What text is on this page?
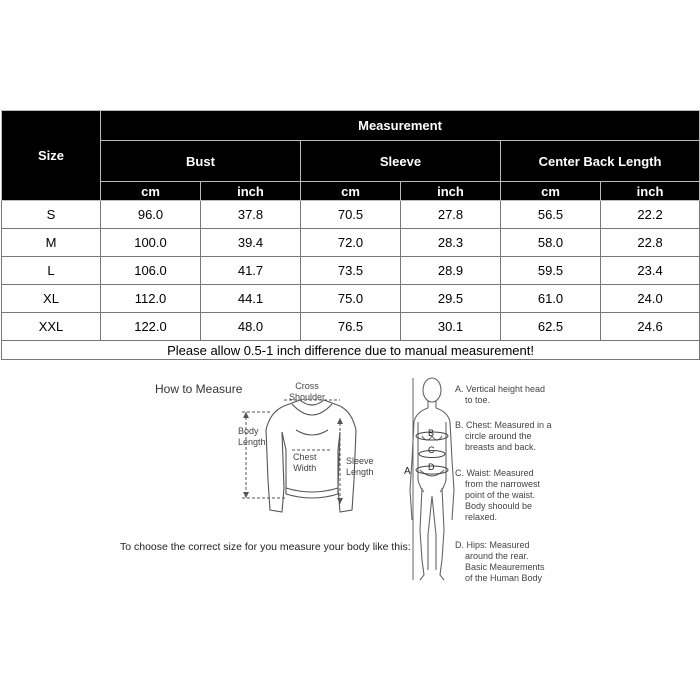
Size	Measurement					
	Bust		Sleeve		Center Back Length	
	cm	inch	cm	inch	cm	inch
S	96.0	37.8	70.5	27.8	56.5	22.2
M	100.0	39.4	72.0	28.3	58.0	22.8
L	106.0	41.7	73.5	28.9	59.5	23.4
XL	112.0	44.1	75.0	29.5	61.0	24.0
XXL	122.0	48.0	76.5	30.1	62.5	24.6
Please allow 0.5-1 inch difference due to manual measurement!						
How to Measure	Cross
Shoulder
Body
Length
Chest
Width
Sleeve
Length
To choose the correct size for you measure your body like this:
A
B
C
D
A. Vertical height head
to toe.
B. Chest: Measured in a
circle around the
breasts and back.
C. Waist: Measured
from the narrowest
point of the waist.
Body shoould be
relaxed.
D. Hips: Measured
around the rear.
Basic Meaurements
of the Human Body
